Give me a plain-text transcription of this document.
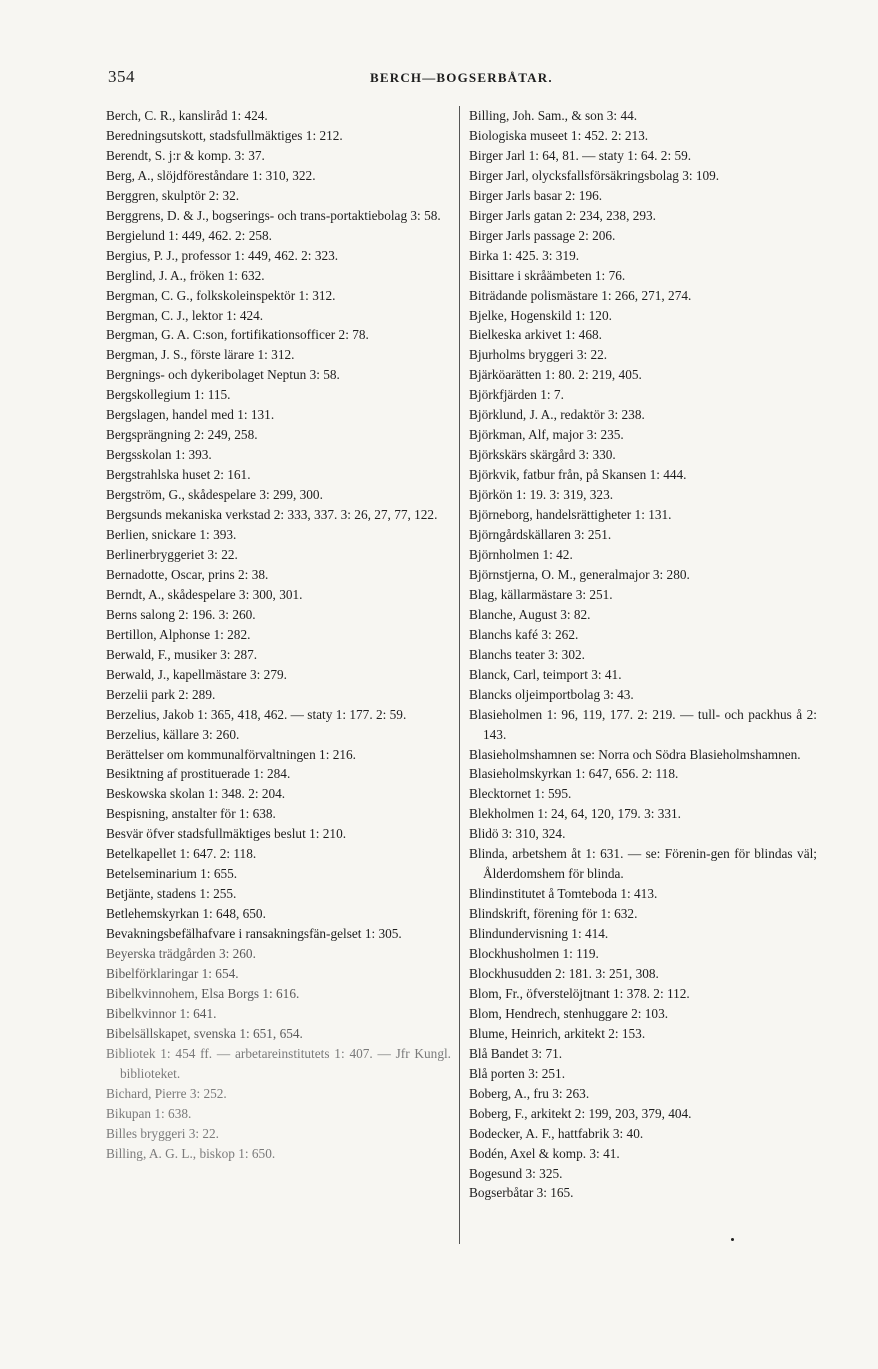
354	BERCH—BOGSERBÅTAR.
Berch, C. R., kanslіråd 1: 424.
Beredningsutskott, stadsfullmäktiges 1: 212.
Berendt, S. j:r & komp. 3: 37.
Berg, A., slöjdföreståndare 1: 310, 322.
Berggren, skulptör 2: 32.
Berggrens, D. & J., bogserings- och trans-portaktiebolag 3: 58.
Bergielund 1: 449, 462. 2: 258.
Bergius, P. J., professor 1: 449, 462. 2: 323.
Berglind, J. A., fröken 1: 632.
Bergman, C. G., folkskoleinspektör 1: 312.
Bergman, C. J., lektor 1: 424.
Bergman, G. A. C:son, fortifikationsofficer 2: 78.
Bergman, J. S., förste lärare 1: 312.
Bergnings- och dykeribolaget Neptun 3: 58.
Bergskollegium 1: 115.
Bergslagen, handel med 1: 131.
Bergsprängning 2: 249, 258.
Bergsskolan 1: 393.
Bergstrahlska huset 2: 161.
Bergström, G., skådespelare 3: 299, 300.
Bergsunds mekaniska verkstad 2: 333, 337. 3: 26, 27, 77, 122.
Berlien, snickare 1: 393.
Berlinerbryggeriet 3: 22.
Bernadotte, Oscar, prins 2: 38.
Berndt, A., skådespelare 3: 300, 301.
Berns salong 2: 196. 3: 260.
Bertillon, Alphonse 1: 282.
Berwald, F., musiker 3: 287.
Berwald, J., kapellmästare 3: 279.
Berzelii park 2: 289.
Berzelius, Jakob 1: 365, 418, 462. — staty 1: 177. 2: 59.
Berzelius, källare 3: 260.
Berättelser om kommunalförvaltningen 1: 216.
Besiktning af prostituerade 1: 284.
Beskowska skolan 1: 348. 2: 204.
Bespisning, anstalter för 1: 638.
Besvär öfver stadsfullmäktiges beslut 1: 210.
Betelkapellet 1: 647. 2: 118.
Betelseminarium 1: 655.
Betjänte, stadens 1: 255.
Betlehemskyrkan 1: 648, 650.
Bevakningsbefälhafvare i ransakningsfän-gelset 1: 305.
Beyerska trädgården 3: 260.
Bibelförklaringar 1: 654.
Bibelkvinnohem, Elsa Borgs 1: 616.
Bibelkvinnor 1: 641.
Bibelsällskapet, svenska 1: 651, 654.
Bibliotek 1: 454 ff. — arbetareinstitutets 1: 407. — Jfr Kungl. biblioteket.
Bichard, Pierre 3: 252.
Bikupan 1: 638.
Billes bryggeri 3: 22.
Billing, A. G. L., biskop 1: 650.
Billing, Joh. Sam., & son 3: 44.
Biologiska museet 1: 452. 2: 213.
Birger Jarl 1: 64, 81. — staty 1: 64. 2: 59.
Birger Jarl, olycksfallsförsäkringsbolag 3: 109.
Birger Jarls basar 2: 196.
Birger Jarls gatan 2: 234, 238, 293.
Birger Jarls passage 2: 206.
Birka 1: 425. 3: 319.
Bisittare i skråämbeten 1: 76.
Biträdande polismästare 1: 266, 271, 274.
Bjelke, Hogenskild 1: 120.
Bielkeska arkivet 1: 468.
Bjurholms bryggeri 3: 22.
Bjärköarätten 1: 80. 2: 219, 405.
Björkfjärden 1: 7.
Björklund, J. A., redaktör 3: 238.
Björkman, Alf, major 3: 235.
Björkskärs skärgård 3: 330.
Björkvik, fatbur från, på Skansen 1: 444.
Björkön 1: 19. 3: 319, 323.
Björneborg, handelsrättigheter 1: 131.
Björngårdskällaren 3: 251.
Björnholmen 1: 42.
Björnstjerna, O. M., generalmajor 3: 280.
Blag, källarmästare 3: 251.
Blanche, August 3: 82.
Blanchs kafé 3: 262.
Blanchs teater 3: 302.
Blanck, Carl, teimport 3: 41.
Blancks oljeimportbolag 3: 43.
Blasieholmen 1: 96, 119, 177. 2: 219. — tull- och packhus å 2: 143.
Blasieholmshamnen se: Norra och Södra Blasieholmshamnen.
Blasieholmskyrkan 1: 647, 656. 2: 118.
Blecktornet 1: 595.
Blekholmen 1: 24, 64, 120, 179. 3: 331.
Blidö 3: 310, 324.
Blinda, arbetshem åt 1: 631. — se: Förenin-gen för blindas väl; Ålderdomshem för blinda.
Blindinstitutet å Tomteboda 1: 413.
Blindskrift, förening för 1: 632.
Blindundervisning 1: 414.
Blockhusholmen 1: 119.
Blockhusudden 2: 181. 3: 251, 308.
Blom, Fr., öfverstelöjtnant 1: 378. 2: 112.
Blom, Hendrech, stenhuggare 2: 103.
Blume, Heinrich, arkitekt 2: 153.
Blå Bandet 3: 71.
Blå porten 3: 251.
Boberg, A., fru 3: 263.
Boberg, F., arkitekt 2: 199, 203, 379, 404.
Bodecker, A. F., hattfabrik 3: 40.
Bodén, Axel & komp. 3: 41.
Bogesund 3: 325.
Bogserbåtar 3: 165.
